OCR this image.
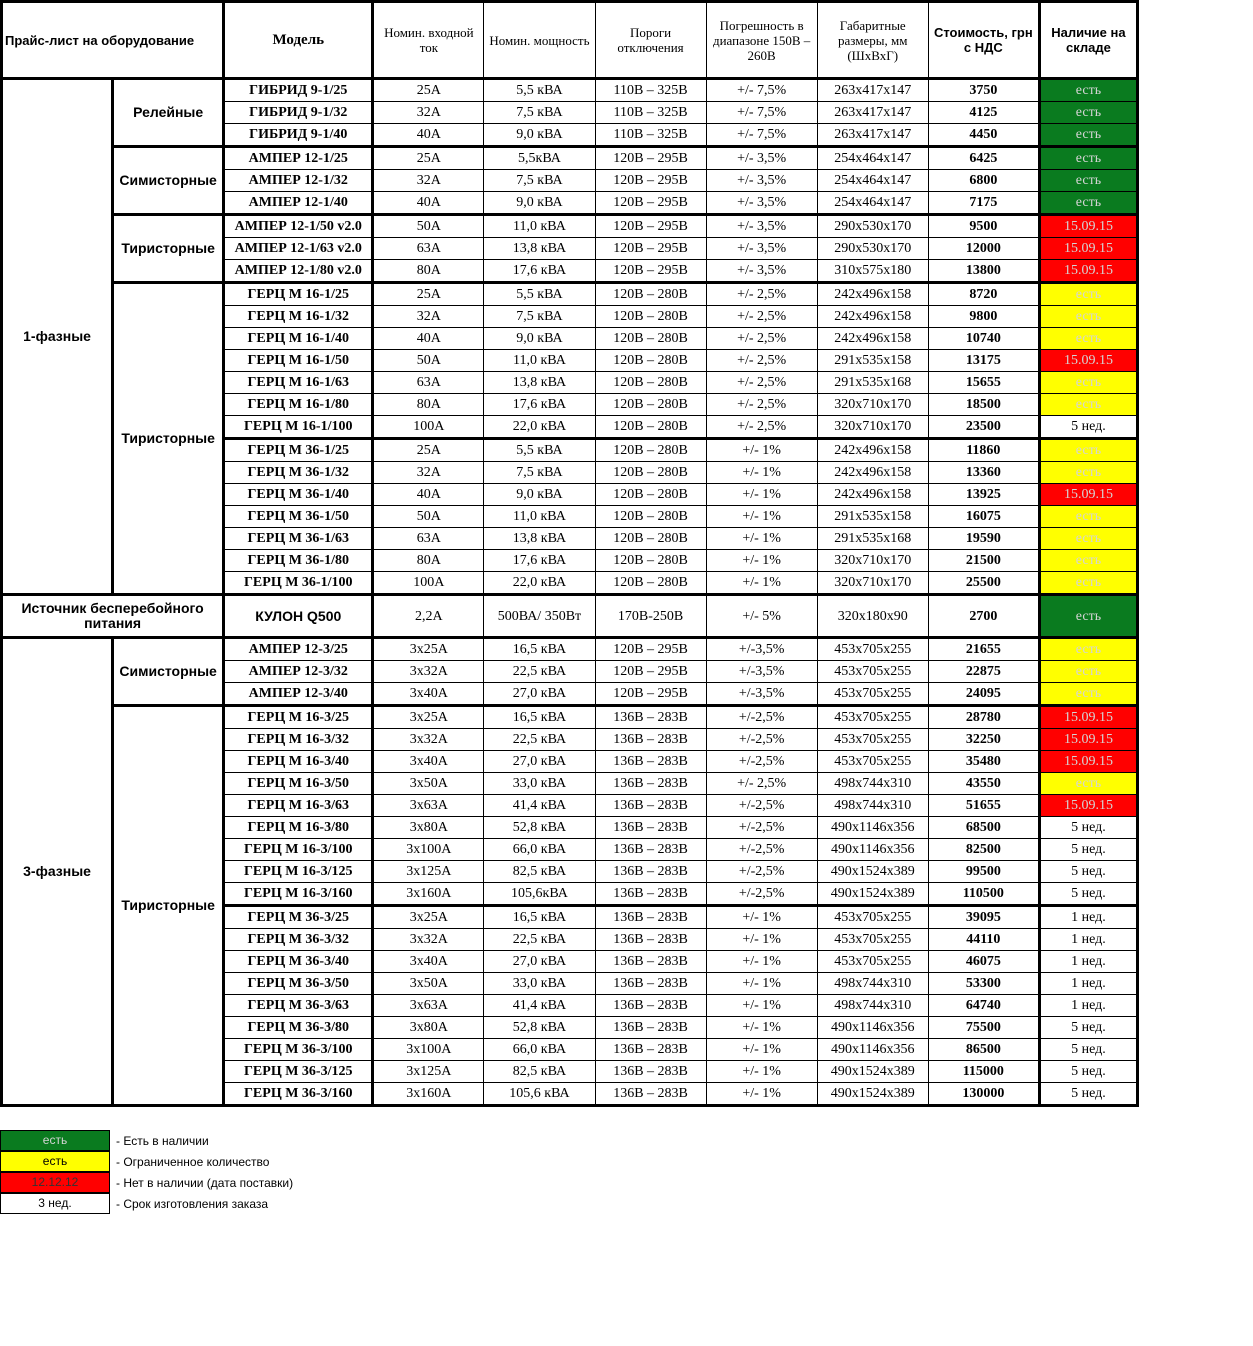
Прайс-лист на оборудование		Модель	Номин. входной ток	Номин. мощность	Пороги отключения	Погрешность в диапазоне 150В – 260В	Габаритные размеры, мм (ШхВхГ)	Стоимость, грн с НДС	Наличие на складе
1-фазные	Релейные	ГИБРИД 9-1/25	25А	5,5 кВА	110В – 325В	+/- 7,5%	263х417х147	3750	есть
		ГИБРИД 9-1/32	32А	7,5 кВА	110В – 325В	+/- 7,5%	263х417х147	4125	есть
		ГИБРИД 9-1/40	40А	9,0 кВА	110В – 325В	+/- 7,5%	263х417х147	4450	есть
	Симисторные	АМПЕР 12-1/25	25А	5,5кВА	120В – 295В	+/- 3,5%	254х464х147	6425	есть
		АМПЕР 12-1/32	32А	7,5 кВА	120В – 295В	+/- 3,5%	254х464х147	6800	есть
		АМПЕР 12-1/40	40А	9,0 кВА	120В – 295В	+/- 3,5%	254х464х147	7175	есть
	Тиристорные	АМПЕР 12-1/50 v2.0	50А	11,0 кВА	120В – 295В	+/- 3,5%	290х530х170	9500	15.09.15
		АМПЕР 12-1/63 v2.0	63А	13,8 кВА	120В – 295В	+/- 3,5%	290х530х170	12000	15.09.15
		АМПЕР 12-1/80 v2.0	80А	17,6 кВА	120В – 295В	+/- 3,5%	310х575х180	13800	15.09.15
	Тиристорные	ГЕРЦ М 16-1/25	25А	5,5 кВА	120В – 280В	+/- 2,5%	242х496х158	8720	есть
		ГЕРЦ М 16-1/32	32А	7,5 кВА	120В – 280В	+/- 2,5%	242х496х158	9800	есть
		ГЕРЦ М 16-1/40	40А	9,0 кВА	120В – 280В	+/- 2,5%	242х496х158	10740	есть
		ГЕРЦ М 16-1/50	50А	11,0 кВА	120В – 280В	+/- 2,5%	291х535х158	13175	15.09.15
		ГЕРЦ М 16-1/63	63А	13,8 кВА	120В – 280В	+/- 2,5%	291х535х168	15655	есть
		ГЕРЦ М 16-1/80	80А	17,6 кВА	120В – 280В	+/- 2,5%	320х710х170	18500	есть
		ГЕРЦ М 16-1/100	100А	22,0 кВА	120В – 280В	+/- 2,5%	320х710х170	23500	5 нед.
		ГЕРЦ М 36-1/25	25А	5,5 кВА	120В – 280В	+/- 1%	242х496х158	11860	есть
		ГЕРЦ М 36-1/32	32А	7,5 кВА	120В – 280В	+/- 1%	242х496х158	13360	есть
		ГЕРЦ М 36-1/40	40А	9,0 кВА	120В – 280В	+/- 1%	242х496х158	13925	15.09.15
		ГЕРЦ М 36-1/50	50А	11,0 кВА	120В – 280В	+/- 1%	291х535х158	16075	есть
		ГЕРЦ М 36-1/63	63А	13,8 кВА	120В – 280В	+/- 1%	291х535х168	19590	есть
		ГЕРЦ М 36-1/80	80А	17,6 кВА	120В – 280В	+/- 1%	320х710х170	21500	есть
		ГЕРЦ М 36-1/100	100А	22,0 кВА	120В – 280В	+/- 1%	320х710х170	25500	есть
Источник бесперебойного питания		КУЛОН Q500	2,2А	500ВА/ 350Вт	170В-250В	+/- 5%	320х180х90	2700	есть
3-фазные	Симисторные	АМПЕР 12-3/25	3х25А	16,5 кВА	120В – 295В	+/-3,5%	453х705х255	21655	есть
		АМПЕР 12-3/32	3х32А	22,5 кВА	120В – 295В	+/-3,5%	453х705х255	22875	есть
		АМПЕР 12-3/40	3х40А	27,0 кВА	120В – 295В	+/-3,5%	453х705х255	24095	есть
	Тиристорные	ГЕРЦ М 16-3/25	3х25А	16,5 кВА	136В – 283В	+/-2,5%	453х705х255	28780	15.09.15
		ГЕРЦ М 16-3/32	3х32А	22,5 кВА	136В – 283В	+/-2,5%	453х705х255	32250	15.09.15
		ГЕРЦ М 16-3/40	3х40А	27,0 кВА	136В – 283В	+/-2,5%	453х705х255	35480	15.09.15
		ГЕРЦ М 16-3/50	3х50А	33,0 кВА	136В – 283В	+/- 2,5%	498х744х310	43550	есть
		ГЕРЦ М 16-3/63	3х63А	41,4 кВА	136В – 283В	+/-2,5%	498х744х310	51655	15.09.15
		ГЕРЦ М 16-3/80	3х80А	52,8 кВА	136В – 283В	+/-2,5%	490х1146х356	68500	5 нед.
		ГЕРЦ М 16-3/100	3х100А	66,0 кВА	136В – 283В	+/-2,5%	490х1146х356	82500	5 нед.
		ГЕРЦ М 16-3/125	3х125А	82,5 кВА	136В – 283В	+/-2,5%	490х1524х389	99500	5 нед.
		ГЕРЦ М 16-3/160	3х160А	105,6кВА	136В – 283В	+/-2,5%	490х1524х389	110500	5 нед.
		ГЕРЦ М 36-3/25	3х25А	16,5 кВА	136В – 283В	+/- 1%	453х705х255	39095	1 нед.
		ГЕРЦ М 36-3/32	3х32А	22,5 кВА	136В – 283В	+/- 1%	453х705х255	44110	1 нед.
		ГЕРЦ М 36-3/40	3х40А	27,0 кВА	136В – 283В	+/- 1%	453х705х255	46075	1 нед.
		ГЕРЦ М 36-3/50	3х50А	33,0 кВА	136В – 283В	+/- 1%	498х744х310	53300	1 нед.
		ГЕРЦ М 36-3/63	3х63А	41,4 кВА	136В – 283В	+/- 1%	498х744х310	64740	1 нед.
		ГЕРЦ М 36-3/80	3х80А	52,8 кВА	136В – 283В	+/- 1%	490х1146х356	75500	5 нед.
		ГЕРЦ М 36-3/100	3х100А	66,0 кВА	136В – 283В	+/- 1%	490х1146х356	86500	5 нед.
		ГЕРЦ М 36-3/125	3х125А	82,5 кВА	136В – 283В	+/- 1%	490х1524х389	115000	5 нед.
		ГЕРЦ М 36-3/160	3х160А	105,6 кВА	136В – 283В	+/- 1%	490х1524х389	130000	5 нед.
есть	- Есть в наличии
есть	- Ограниченное количество
12.12.12	- Нет в наличии (дата поставки)
3 нед.	- Срок изготовления заказа
